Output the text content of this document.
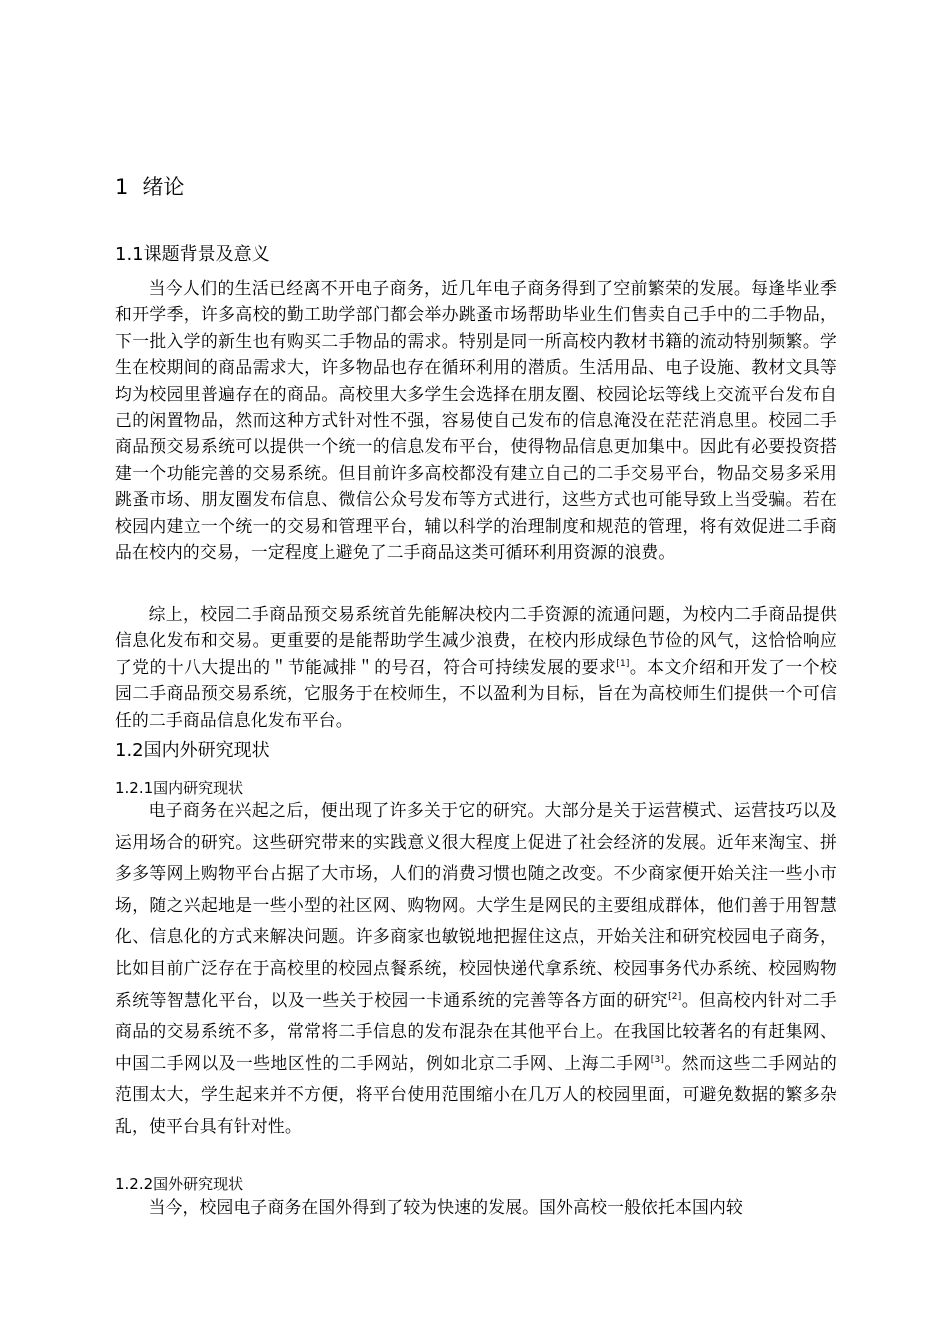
1 绪论
1.1课题背景及意义

当今人们的生活已经离不开电子商务，近几年电子商务得到了空前繁荣的发展。每逢毕业季和开学季，许多高校的勤工助学部门都会举办跳蚤市场帮助毕业生们售卖自己手中的二手物品，下一批入学的新生也有购买二手物品的需求。特别是同一所高校内教材书籍的流动特别频繁。学生在校期间的商品需求大，许多物品也存在循环利用的潜质。生活用品、电子设施、教材文具等均为校园里普遍存在的商品。高校里大多学生会选择在朋友圈、校园论坛等线上交流平台发布自己的闲置物品，然而这种方式针对性不强，容易使自己发布的信息淹没在茫茫消息里。校园二手商品预交易系统可以提供一个统一的信息发布平台，使得物品信息更加集中。因此有必要投资搭建一个功能完善的交易系统。但目前许多高校都没有建立自己的二手交易平台，物品交易多采用跳蚤市场、朋友圈发布信息、微信公众号发布等方式进行，这些方式也可能导致上当受骗。若在校园内建立一个统一的交易和管理平台，辅以科学的治理制度和规范的管理，将有效促进二手商品在校内的交易，一定程度上避免了二手商品这类可循环利用资源的浪费。

综上，校园二手商品预交易系统首先能解决校内二手资源的流通问题，为校内二手商品提供信息化发布和交易。更重要的是能帮助学生减少浪费，在校内形成绿色节俭的风气，这恰恰响应了党的十八大提出的＂节能减排＂的号召，符合可持续发展的要求[1]。本文介绍和开发了一个校园二手商品预交易系统，它服务于在校师生，不以盈利为目标，旨在为高校师生们提供一个可信任的二手商品信息化发布平台。

1.2国内外研究现状
1.2.1国内研究现状

电子商务在兴起之后，便出现了许多关于它的研究。大部分是关于运营模式、运营技巧以及运用场合的研究。这些研究带来的实践意义很大程度上促进了社会经济的发展。近年来淘宝、拼多多等网上购物平台占据了大市场，人们的消费习惯也随之改变。不少商家便开始关注一些小市场，随之兴起地是一些小型的社区网、购物网。大学生是网民的主要组成群体，他们善于用智慧化、信息化的方式来解决问题。许多商家也敏锐地把握住这点，开始关注和研究校园电子商务，比如目前广泛存在于高校里的校园点餐系统，校园快递代拿系统、校园事务代办系统、校园购物系统等智慧化平台，以及一些关于校园一卡通系统的完善等各方面的研究[2]。但高校内针对二手商品的交易系统不多，常常将二手信息的发布混杂在其他平台上。在我国比较著名的有赶集网、中国二手网以及一些地区性的二手网站，例如北京二手网、上海二手网[3]。然而这些二手网站的范围太大，学生起来并不方便，将平台使用范围缩小在几万人的校园里面，可避免数据的繁多杂乱，使平台具有针对性。

1.2.2国外研究现状

当今，校园电子商务在国外得到了较为快速的发展。国外高校一般依托本国内较
